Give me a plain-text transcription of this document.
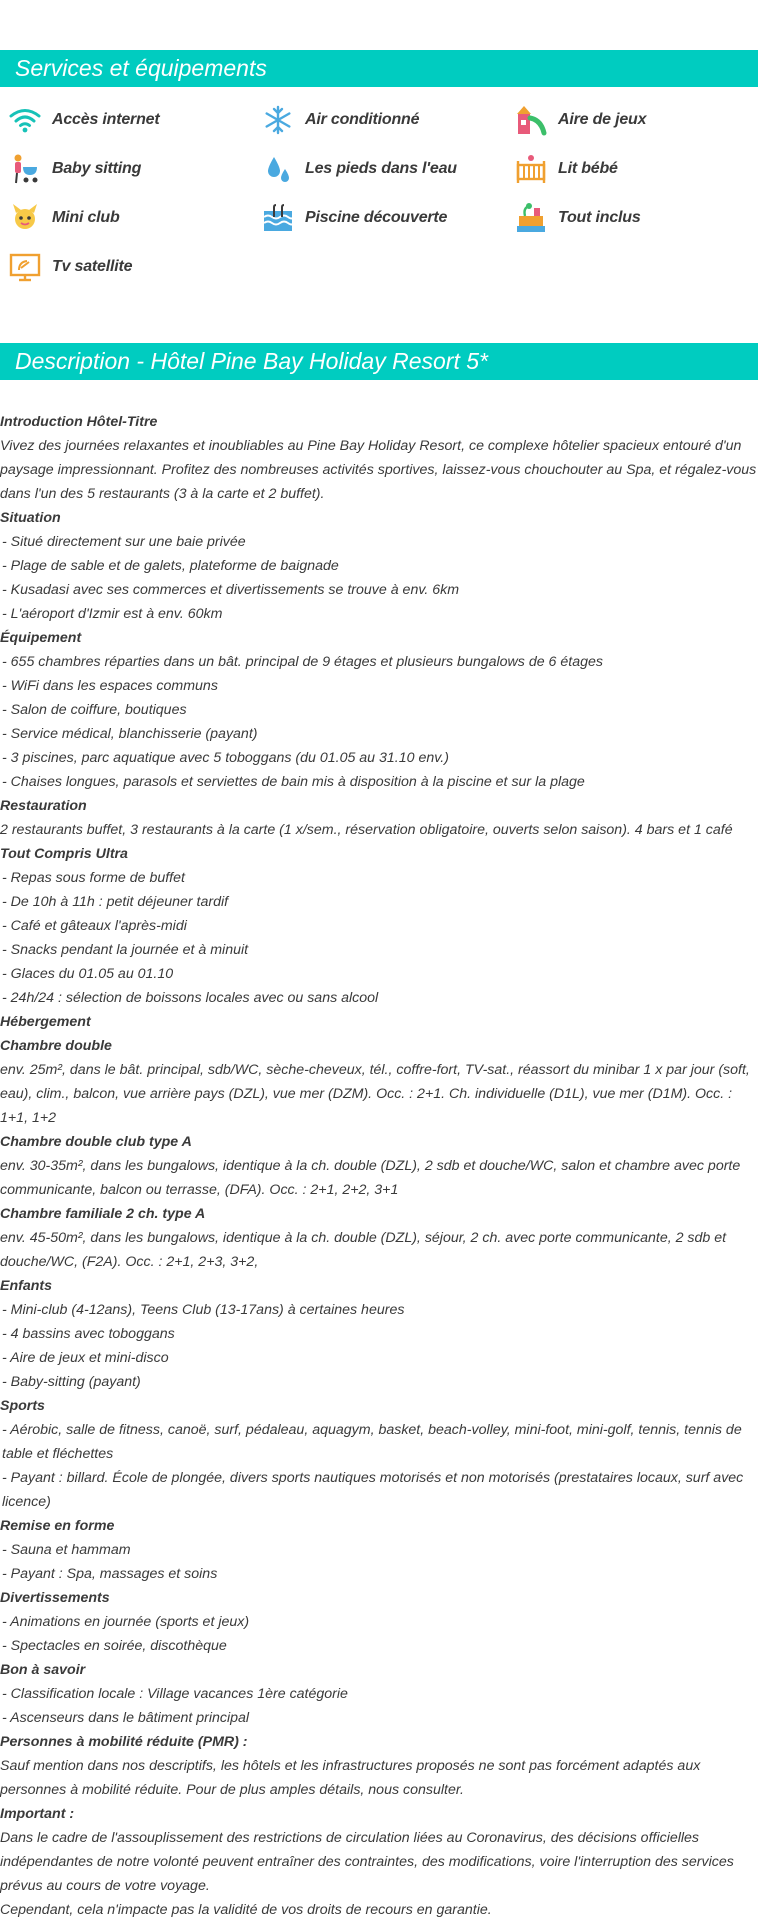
Services et équipements
Accès internet	Air conditionné	Aire de jeux
Baby sitting	Les pieds dans l'eau	Lit bébé
Mini club	Piscine découverte	Tout inclus
Tv satellite
Description - Hôtel Pine Bay Holiday Resort 5*

Introduction Hôtel-Titre

Vivez des journées relaxantes et inoubliables au Pine Bay Holiday Resort, ce complexe hôtelier spacieux entouré d'un paysage impressionnant. Profitez des nombreuses activités sportives, laissez-vous chouchouter au Spa, et régalez-vous dans l'un des 5 restaurants (3 à la carte et 2 buffet).

Situation

- Situé directement sur une baie privée

- Plage de sable et de galets, plateforme de baignade

- Kusadasi avec ses commerces et divertissements se trouve à env. 6km

- L'aéroport d'Izmir est à env. 60km

Équipement

- 655 chambres réparties dans un bât. principal de 9 étages et plusieurs bungalows de 6 étages

- WiFi dans les espaces communs

- Salon de coiffure, boutiques

- Service médical, blanchisserie (payant)

- 3 piscines, parc aquatique avec 5 toboggans (du 01.05 au 31.10 env.)

- Chaises longues, parasols et serviettes de bain mis à disposition à la piscine et sur la plage

Restauration

2 restaurants buffet, 3 restaurants à la carte (1 x/sem., réservation obligatoire, ouverts selon saison). 4 bars et 1 café

Tout Compris Ultra

- Repas sous forme de buffet

- De 10h à 11h : petit déjeuner tardif

- Café et gâteaux l'après-midi

- Snacks pendant la journée et à minuit

- Glaces du 01.05 au 01.10

- 24h/24 : sélection de boissons locales avec ou sans alcool

Hébergement

Chambre double

env. 25m², dans le bât. principal, sdb/WC, sèche-cheveux, tél., coffre-fort, TV-sat., réassort du minibar 1 x par jour (soft, eau), clim., balcon, vue arrière pays (DZL), vue mer (DZM). Occ. : 2+1. Ch. individuelle (D1L), vue mer (D1M). Occ. : 1+1, 1+2

Chambre double club type A

env. 30-35m², dans les bungalows, identique à la ch. double (DZL), 2 sdb et douche/WC, salon et chambre avec porte communicante, balcon ou terrasse, (DFA). Occ. : 2+1, 2+2, 3+1

Chambre familiale 2 ch. type A

env. 45-50m², dans les bungalows, identique à la ch. double (DZL), séjour, 2 ch. avec porte communicante, 2 sdb et douche/WC, (F2A). Occ. : 2+1, 2+3, 3+2,

Enfants

- Mini-club (4-12ans), Teens Club (13-17ans) à certaines heures

- 4 bassins avec toboggans

- Aire de jeux et mini-disco

- Baby-sitting (payant)

Sports

- Aérobic, salle de fitness, canoë, surf, pédaleau, aquagym, basket, beach-volley, mini-foot, mini-golf, tennis, tennis de table et fléchettes

- Payant : billard. École de plongée, divers sports nautiques motorisés et non motorisés (prestataires locaux, surf avec licence)

Remise en forme

- Sauna et hammam

- Payant : Spa, massages et soins

Divertissements

- Animations en journée (sports et jeux)

- Spectacles en soirée, discothèque

Bon à savoir

- Classification locale : Village vacances 1ère catégorie

- Ascenseurs dans le bâtiment principal

Personnes à mobilité réduite (PMR) :

Sauf mention dans nos descriptifs, les hôtels et les infrastructures proposés ne sont pas forcément adaptés aux personnes à mobilité réduite. Pour de plus amples détails, nous consulter.

Important :

Dans le cadre de l'assouplissement des restrictions de circulation liées au Coronavirus, des décisions officielles indépendantes de notre volonté peuvent entraîner des contraintes, des modifications, voire l'interruption des services prévus au cours de votre voyage.

Cependant, cela n'impacte pas la validité de vos droits de recours en garantie.
